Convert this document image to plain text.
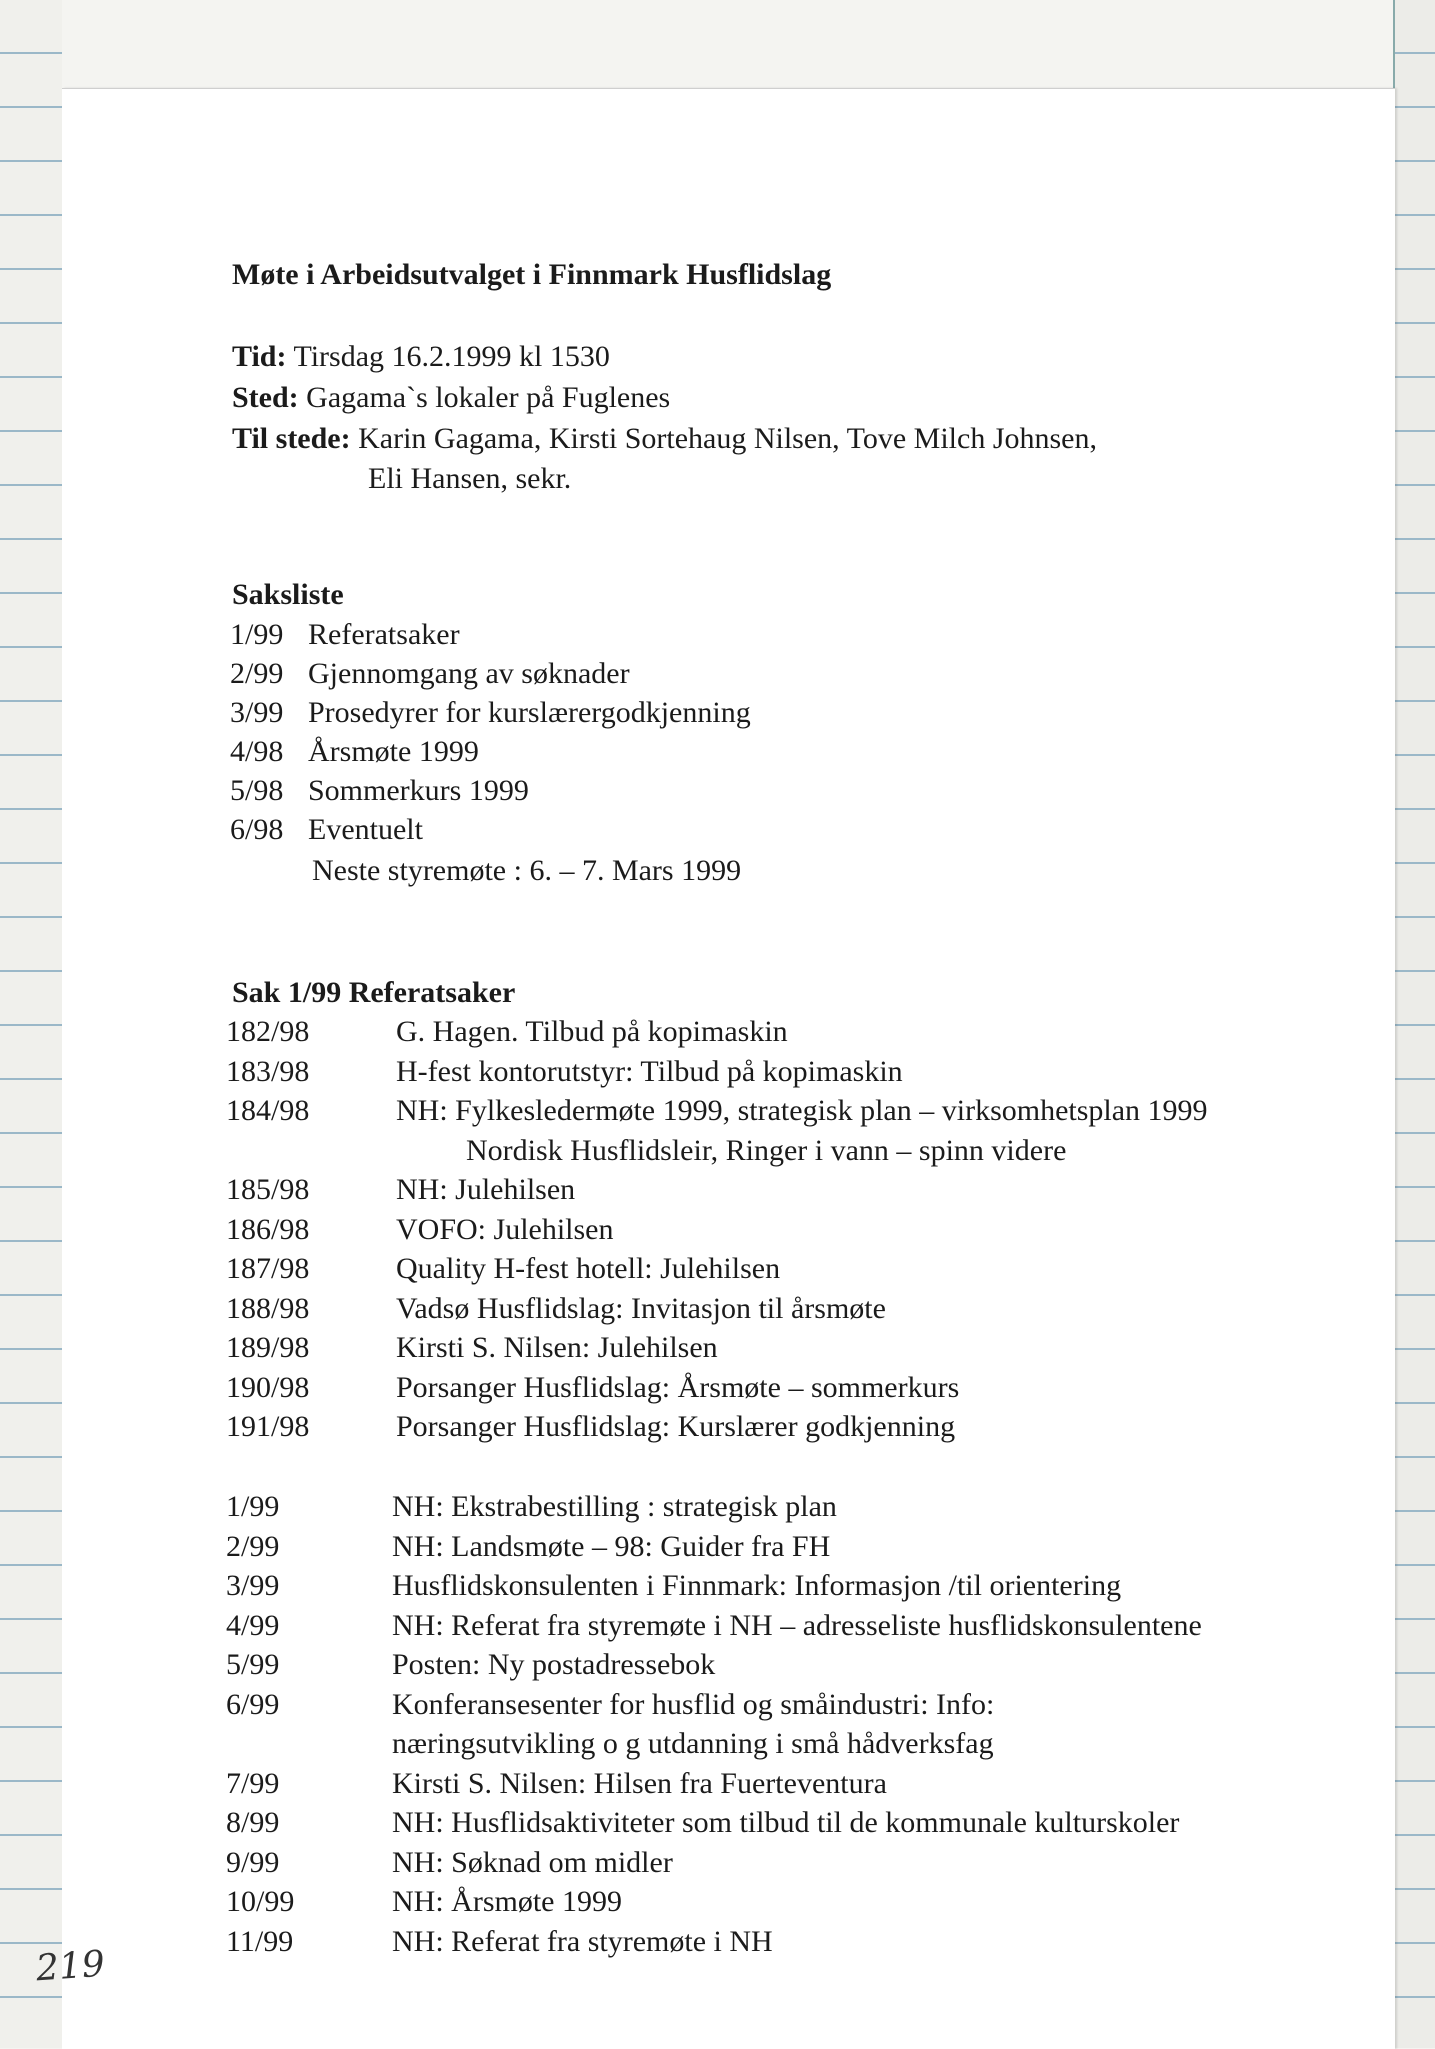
Møte i Arbeidsutvalget i Finnmark Husflidslag
Tid: Tirsdag 16.2.1999 kl 1530
Sted: Gagama`s lokaler på Fuglenes
Til stede: Karin Gagama, Kirsti Sortehaug Nilsen, Tove Milch Johnsen,
Eli Hansen, sekr.
Saksliste
1/99 Referatsaker
2/99 Gjennomgang av søknader
3/99 Prosedyrer for kurslærergodkjenning
4/98 Årsmøte 1999
5/98 Sommerkurs 1999
6/98 Eventuelt
Neste styremøte : 6. – 7. Mars 1999
Sak 1/99 Referatsaker
182/98	G. Hagen. Tilbud på kopimaskin
183/98	H-fest kontorutstyr: Tilbud på kopimaskin
184/98	NH: Fylkesledermøte 1999, strategisk plan – virksomhetsplan 1999
Nordisk Husflidsleir, Ringer i vann – spinn videre
185/98	NH: Julehilsen
186/98	VOFO: Julehilsen
187/98	Quality H-fest hotell: Julehilsen
188/98	Vadsø Husflidslag: Invitasjon til årsmøte
189/98	Kirsti S. Nilsen: Julehilsen
190/98	Porsanger Husflidslag: Årsmøte – sommerkurs
191/98	Porsanger Husflidslag: Kurslærer godkjenning
1/99	NH: Ekstrabestilling : strategisk plan
2/99	NH: Landsmøte – 98: Guider fra FH
3/99	Husflidskonsulenten i Finnmark: Informasjon /til orientering
4/99	NH: Referat fra styremøte i NH – adresseliste husflidskonsulentene
5/99	Posten: Ny postadressebok
6/99	Konferansesenter for husflid og småindustri: Info:
næringsutvikling o g utdanning i små hådverksfag
7/99	Kirsti S. Nilsen: Hilsen fra Fuerteventura
8/99	NH: Husflidsaktiviteter som tilbud til de kommunale kulturskoler
9/99	NH: Søknad om midler
10/99	NH: Årsmøte 1999
11/99	NH: Referat fra styremøte i NH
219
